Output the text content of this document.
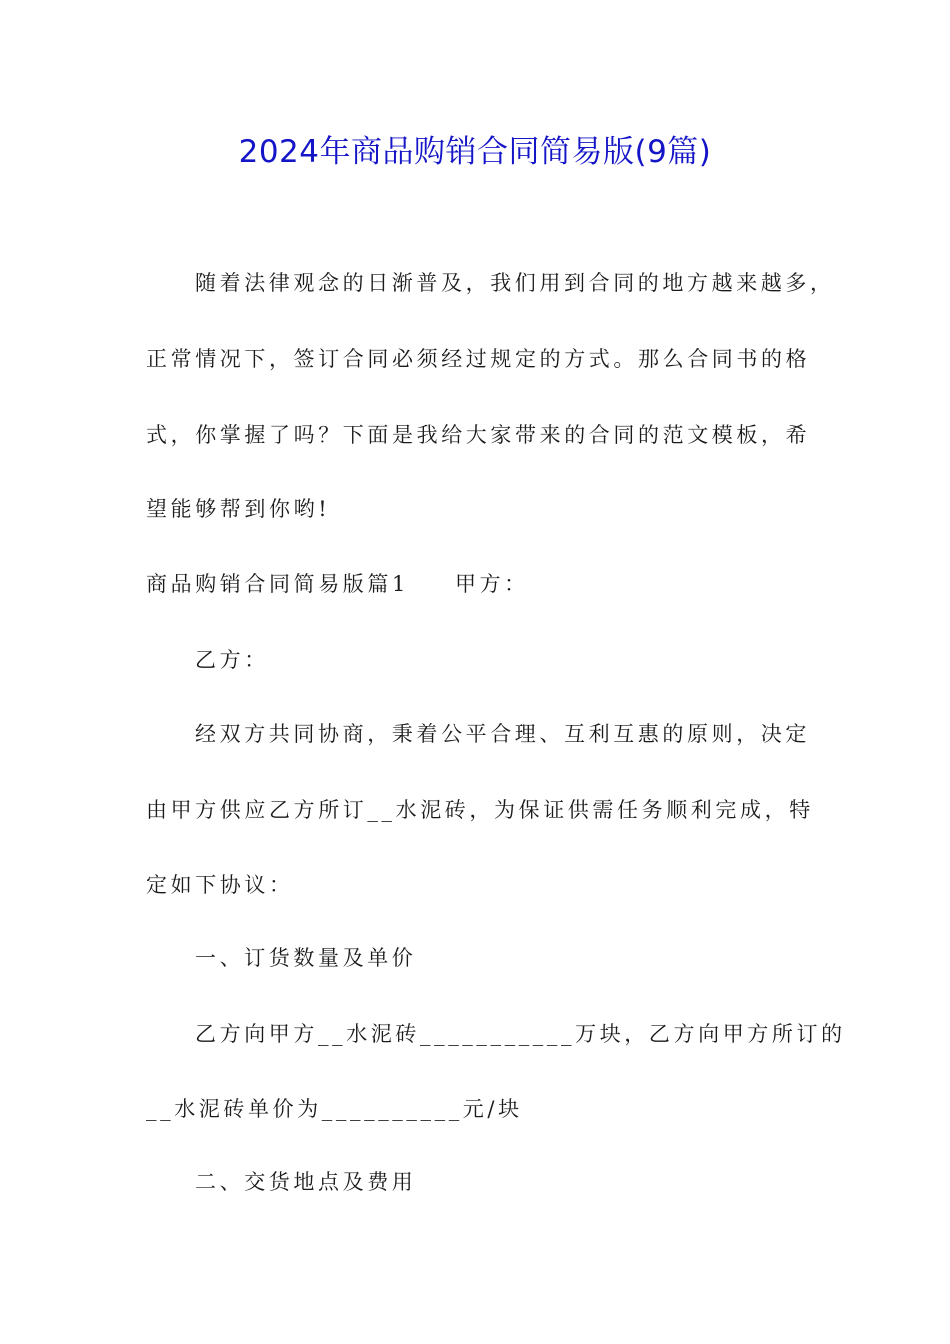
2024年商品购销合同简易版(9篇)

随着法律观念的日渐普及，我们用到合同的地方越来越多，

正常情况下，签订合同必须经过规定的方式。那么合同书的格

式，你掌握了吗？下面是我给大家带来的合同的范文模板，希

望能够帮到你哟!

商品购销合同简易版篇1 甲方：

乙方：

经双方共同协商，秉着公平合理、互利互惠的原则，决定

由甲方供应乙方所订__水泥砖，为保证供需任务顺利完成，特

定如下协议：

一、订货数量及单价

乙方向甲方__水泥砖___________万块，乙方向甲方所订的

__水泥砖单价为__________元/块

二、交货地点及费用
